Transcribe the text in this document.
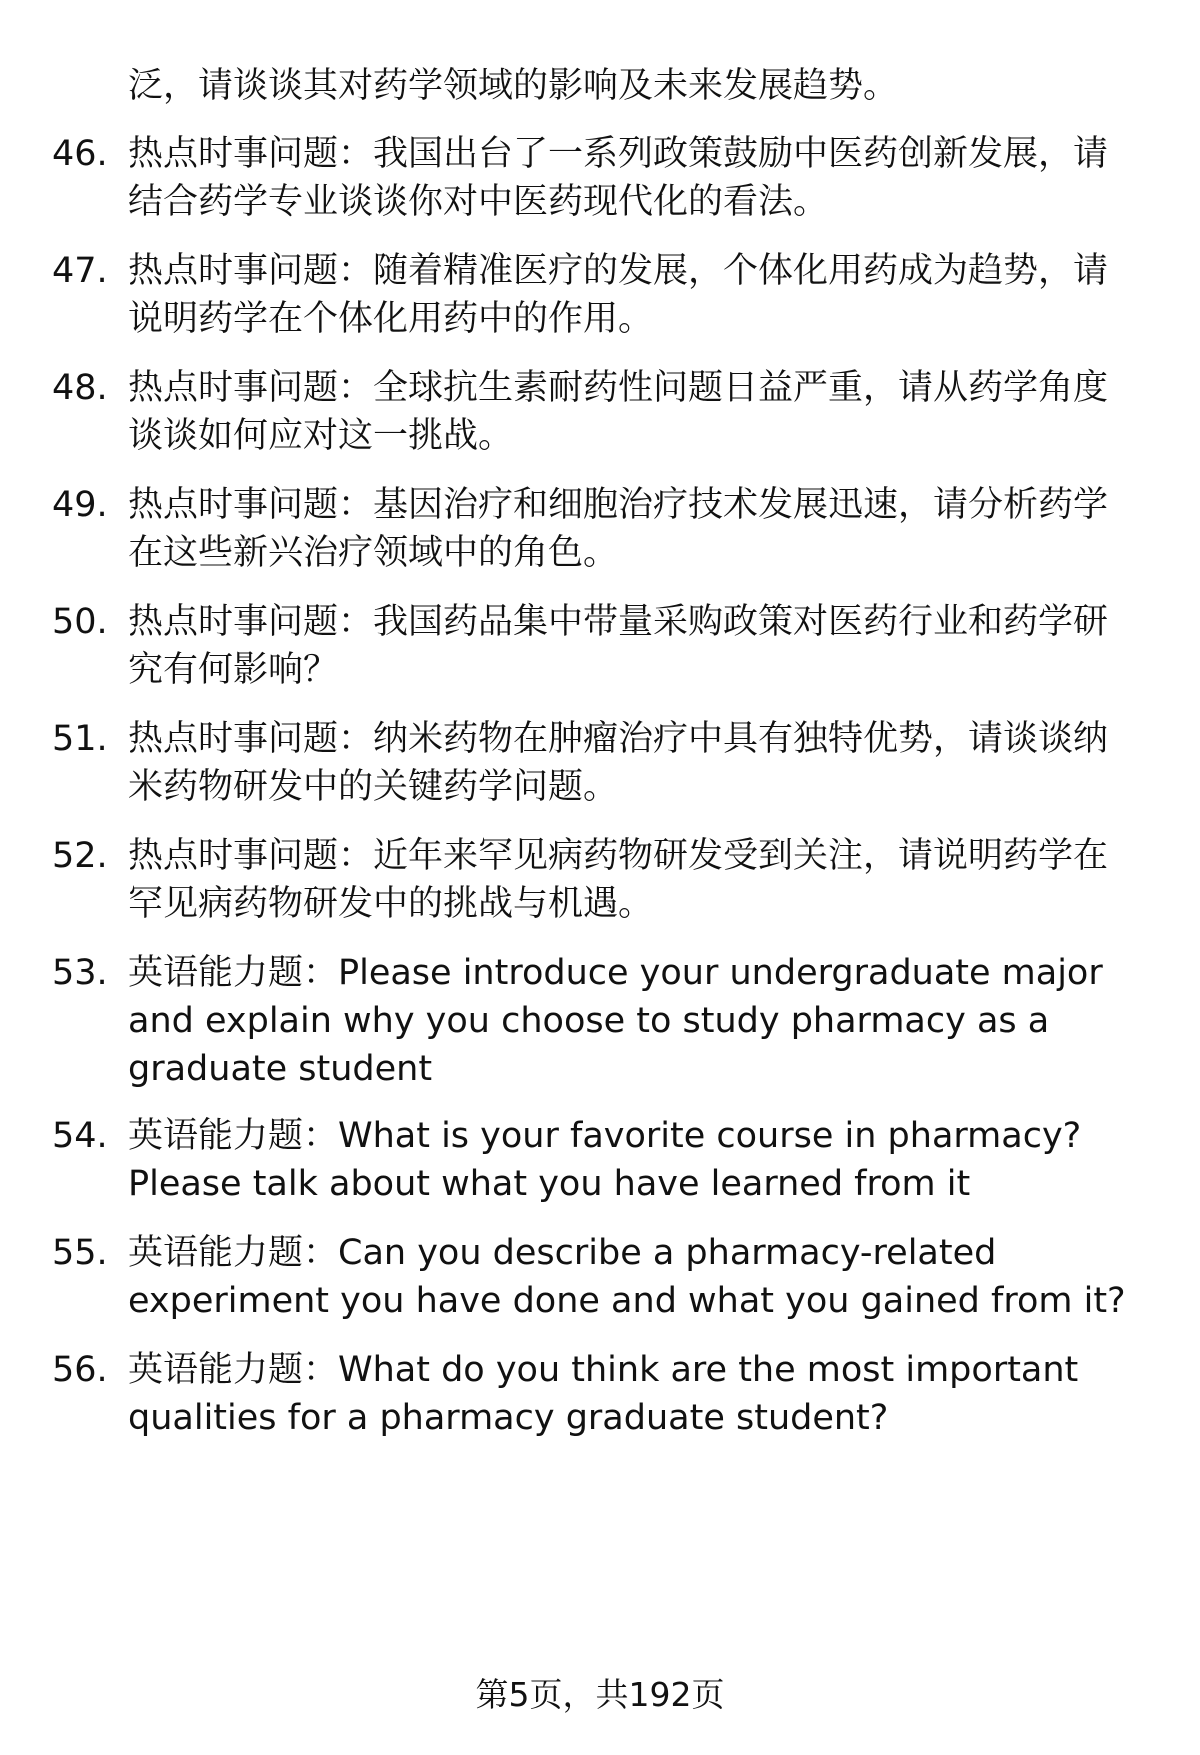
泛，请谈谈其对药学领域的影响及未来发展趋势。

46. 热点时事问题：我国出台了一系列政策鼓励中医药创新发展，请结合药学专业谈谈你对中医药现代化的看法。

47. 热点时事问题：随着精准医疗的发展，个体化用药成为趋势，请说明药学在个体化用药中的作用。

48. 热点时事问题：全球抗生素耐药性问题日益严重，请从药学角度谈谈如何应对这一挑战。

49. 热点时事问题：基因治疗和细胞治疗技术发展迅速，请分析药学在这些新兴治疗领域中的角色。

50. 热点时事问题：我国药品集中带量采购政策对医药行业和药学研究有何影响？

51. 热点时事问题：纳米药物在肿瘤治疗中具有独特优势，请谈谈纳米药物研发中的关键药学问题。

52. 热点时事问题：近年来罕见病药物研发受到关注，请说明药学在罕见病药物研发中的挑战与机遇。

53. 英语能力题：Please introduce your undergraduate major and explain why you choose to study pharmacy as a graduate student

54. 英语能力题：What is your favorite course in pharmacy? Please talk about what you have learned from it

55. 英语能力题：Can you describe a pharmacy-related experiment you have done and what you gained from it?

56. 英语能力题：What do you think are the most important qualities for a pharmacy graduate student?

第5页，共192页
